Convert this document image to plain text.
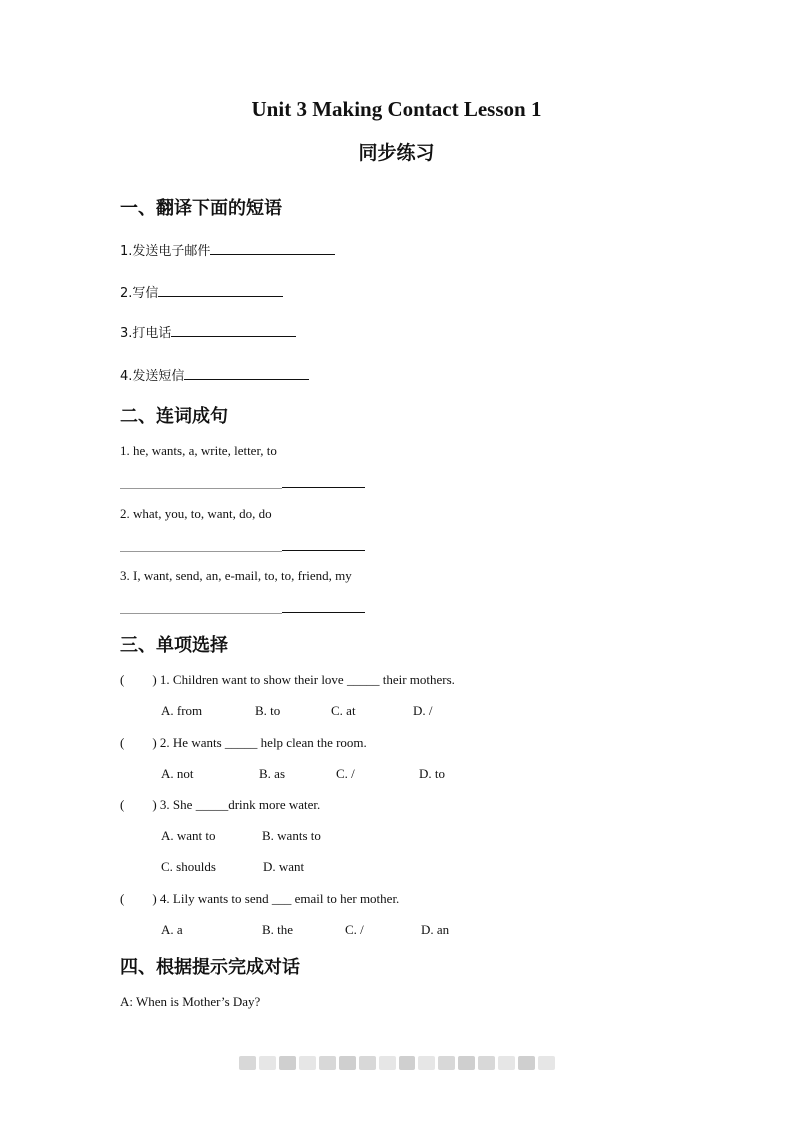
Unit 3 Making Contact Lesson 1
同步练习
一、翻译下面的短语
1.发送电子邮件
2.写信
3.打电话
4.发送短信
二、连词成句
1. he, wants, a, write, letter, to
2. what, you, to, want, do, do
3. I, want, send, an, e-mail, to, to, friend, my
三、单项选择
( ) 1. Children want to show their love _____ their mothers.
A. from	B. to	C. at	D. /
( ) 2. He wants _____ help clean the room.
A. not	B. as	C. /	D. to
( ) 3. She _____drink more water.
A. want to	B. wants to
C. shoulds	D. want
( ) 4. Lily wants to send ___ email to her mother.
A. a	B. the	C. /	D. an
四、根据提示完成对话
A: When is Mother’s Day?
